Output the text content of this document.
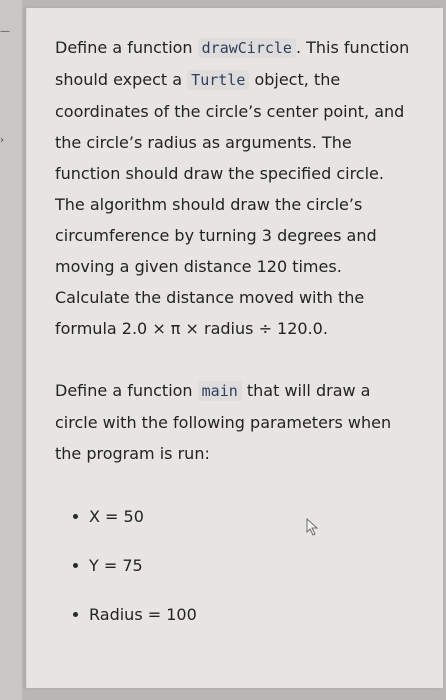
—
›

Define a function drawCircle . This function should expect a Turtle object, the coordinates of the circle’s center point, and the circle’s radius as arguments. The function should draw the specified circle. The algorithm should draw the circle’s circumference by turning 3 degrees and moving a given distance 120 times. Calculate the distance moved with the formula 2.0 × π × radius ÷ 120.0.

Define a function main that will draw a circle with the following parameters when the program is run:

X = 50
Y = 75
Radius = 100
